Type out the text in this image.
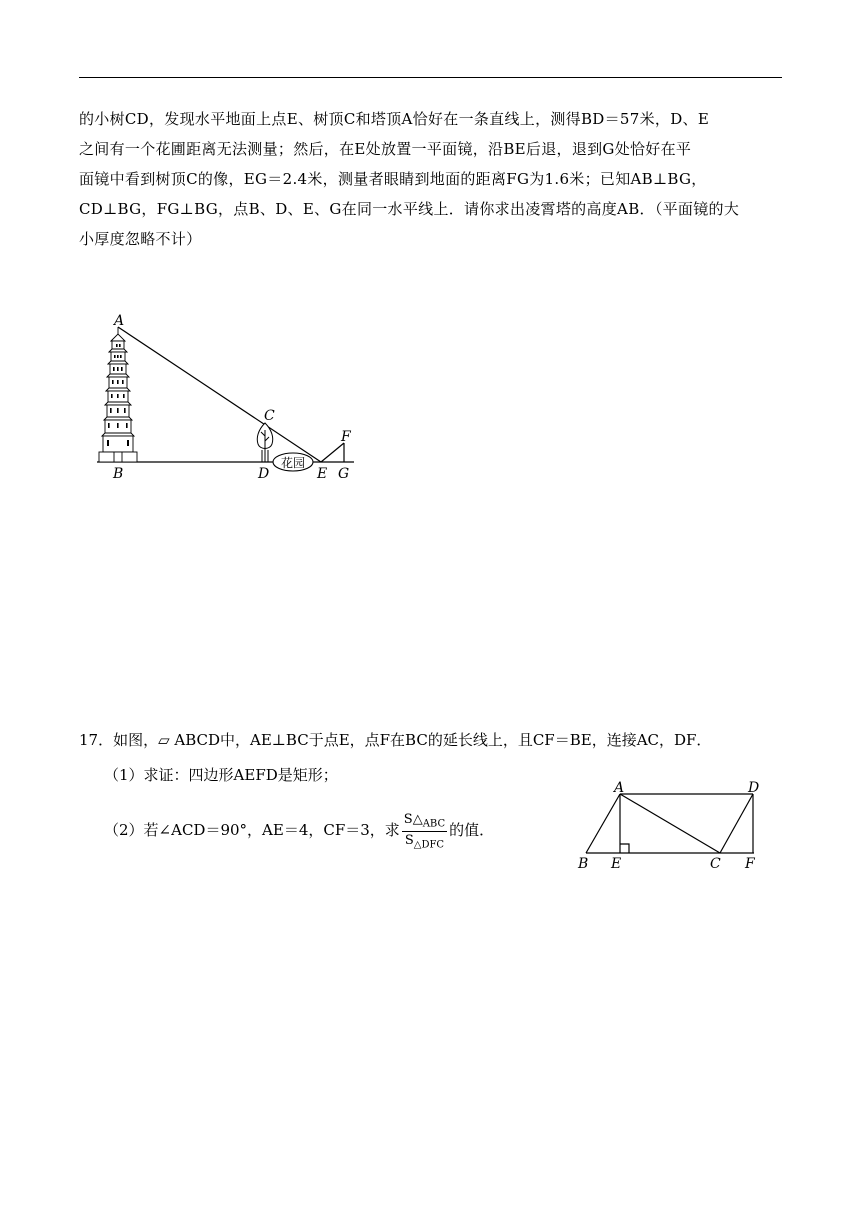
的小树CD，发现水平地面上点E、树顶C和塔顶A恰好在一条直线上，测得BD＝57米，D、E
之间有一个花圃距离无法测量；然后，在E处放置一平面镜，沿BE后退，退到G处恰好在平
面镜中看到树顶C的像，EG＝2.4米，测量者眼睛到地面的距离FG为1.6米；已知AB⊥BG，
CD⊥BG，FG⊥BG，点B、D、E、G在同一水平线上．请你求出凌霄塔的高度AB．（平面镜的大
小厚度忽略不计）
花园
A
B
C
D	E
F
G
17．如图，▱ ABCD中，AE⊥BC于点E，点F在BC的延长线上，且CF＝BE，连接AC，DF．
（1）求证：四边形AEFD是矩形；
（2）若∠ACD＝90°，AE＝4，CF＝3，求 $\frac{S\triangle_{ABC}}{S_{\triangle DFC}}$ 的值．
A	D
B E	C F
